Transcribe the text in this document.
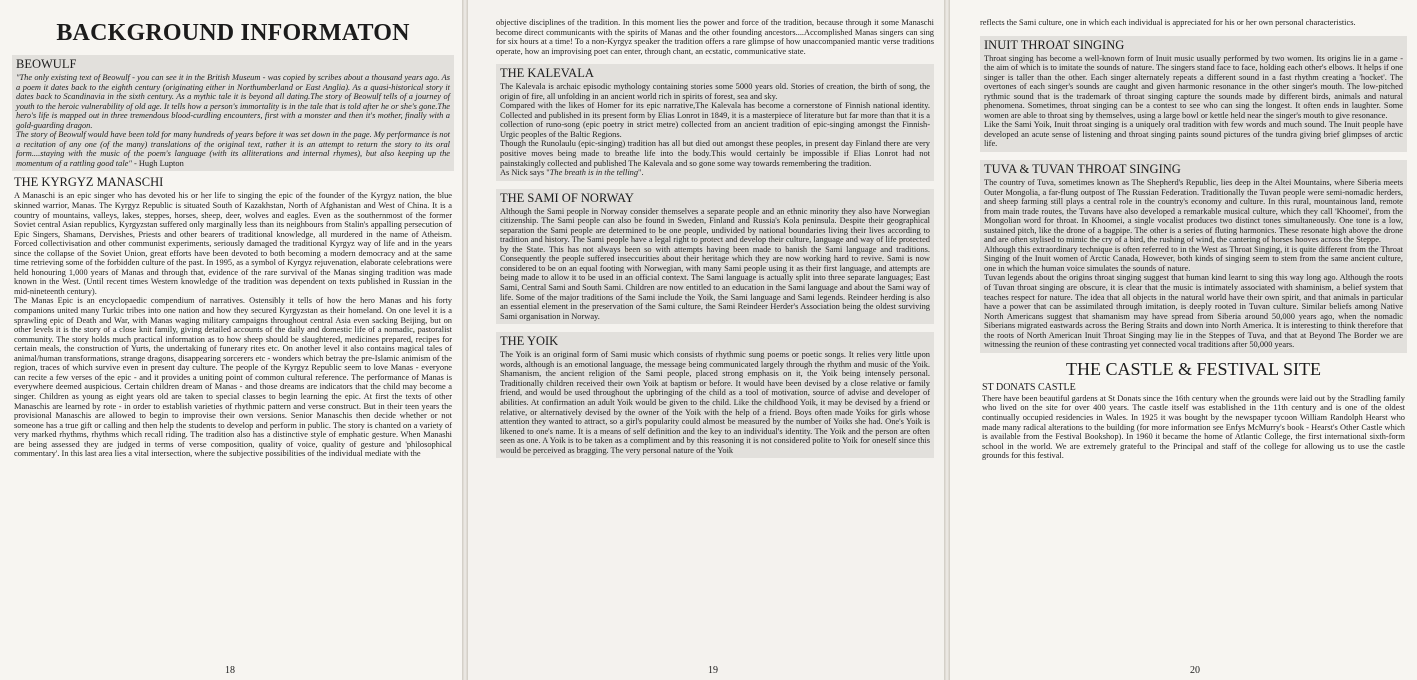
BACKGROUND INFORMATON
BEOWULF

"The only existing text of Beowulf - you can see it in the British Museum - was copied by scribes about a thousand years ago. As a poem it dates back to the eighth century (originating either in Northumberland or East Anglia). As a quasi-historical story it dates back to Scandinavia in the sixth century. As a mythic tale it is beyond all dating.The story of Beowulf tells of a journey of youth to the heroic vulnerability of old age. It tells how a person's immortality is in the tale that is told after he or she's gone.The hero's life is mapped out in three tremendous blood-curdling encounters, first with a monster and then it's mother, finally with a gold-guarding dragon.

The story of Beowulf would have been told for many hundreds of years before it was set down in the page. My performance is not a recitation of any one (of the many) translations of the original text, rather it is an attempt to return the story to its oral form....staying with the music of the poem's language (with its alliterations and internal rhymes), but also keeping up the momentum of a rattling good tale" - Hugh Lupton

THE KYRGYZ MANASCHI

A Manaschi is an epic singer who has devoted his or her life to singing the epic of the founder of the Kyrgyz nation, the blue skinned warrior, Manas. The Kyrgyz Republic is situated South of Kazakhstan, North of Afghanistan and West of China. It is a country of mountains, valleys, lakes, steppes, horses, sheep, deer, wolves and eagles. Even as the southernmost of the former Soviet central Asian republics, Kyrgyzstan suffered only marginally less than its neighbours from Stalin's appalling persecution of Epic Singers, Shamans, Dervishes, Priests and other bearers of traditional knowledge, all murdered in the name of Atheism. Forced collectivisation and other communist experiments, seriously damaged the traditional Kyrgyz way of life and in the years since the collapse of the Soviet Union, great efforts have been devoted to both becoming a modern democracy and at the same time retrieving some of the forbidden culture of the past. In 1995, as a symbol of Kyrgyz rejuvenation, elaborate celebrations were held honouring 1,000 years of Manas and through that, evidence of the rare survival of the Manas singing tradition was made known in the West. (Until recent times Western knowledge of the tradition was dependent on texts published in Russian in the mid-nineteenth century).

The Manas Epic is an encyclopaedic compendium of narratives. Ostensibly it tells of how the hero Manas and his forty companions united many Turkic tribes into one nation and how they secured Kyrgyzstan as their homeland. On one level it is a sprawling epic of Death and War, with Manas waging military campaigns throughout central Asia even sacking Beijing, but on other levels it is the story of a close knit family, giving detailed accounts of the daily and domestic life of a nomadic, pastoralist community. The story holds much practical information as to how sheep should be slaughtered, medicines prepared, recipes for certain meals, the construction of Yurts, the undertaking of funerary rites etc. On another level it also contains magical tales of animal/human transformations, strange dragons, disappearing sorcerers etc - wonders which betray the pre-Islamic animism of the region, traces of which survive even in present day culture. The people of the Kyrgyz Republic seem to love Manas - everyone can recite a few verses of the epic - and it provides a uniting point of common cultural reference. The performance of Manas is everywhere deemed auspicious. Certain children dream of Manas - and those dreams are indicators that the child may become a singer. Children as young as eight years old are taken to special classes to begin learning the epic. At first the texts of other Manaschis are learned by rote - in order to establish varieties of rhythmic pattern and verse construct. But in their teen years the provisional Manaschis are allowed to begin to improvise their own versions. Senior Manaschis then decide whether or not someone has a true gift or calling and then help the students to develop and perform in public. The story is chanted on a variety of very marked rhythms, rhythms which recall riding. The tradition also has a distinctive style of emphatic gesture. When Manashi are being assessed they are judged in terms of verse composition, quality of voice, quality of gesture and 'philosophical commentary'. In this last area lies a vital intersection, where the subjective possibilities of the individual mediate with the

18

objective disciplines of the tradition. In this moment lies the power and force of the tradition, because through it some Manaschi become direct communicants with the spirits of Manas and the other founding ancestors....Accomplished Manas singers can sing for six hours at a time! To a non-Kyrgyz speaker the tradition offers a rare glimpse of how unaccompanied mantic verse traditions operate, how an improvising poet can enter, through chant, an ecstatic, communicative state.

THE KALEVALA

The Kalevala is archaic episodic mythology containing stories some 5000 years old. Stories of creation, the birth of song, the origin of fire, all unfolding in an ancient world rich in spirits of forest, sea and sky.

Compared with the likes of Homer for its epic narrative,The Kalevala has become a cornerstone of Finnish national identity. Collected and published in its present form by Elias Lonrot in 1849, it is a masterpiece of literature but far more than that it is a collection of runo-song (epic poetry in strict metre) collected from an ancient tradition of epic-singing amongst the Finnish-Urgic peoples of the Baltic Regions.

Though the Runolaulu (epic-singing) tradition has all but died out amongst these peoples, in present day Finland there are very positive moves being made to breathe life into the body.This would certainly be impossible if Elias Lonrot had not painstakingly collected and published The Kalevala and so gone some way towards remembering the tradition.

As Nick says "The breath is in the telling".

THE SAMI OF NORWAY

Although the Sami people in Norway consider themselves a separate people and an ethnic minority they also have Norwegian citizenship. The Sami people can also be found in Sweden, Finland and Russia's Kola peninsula. Despite their geographical separation the Sami people are determined to be one people, undivided by national boundaries living their lives according to tradition and history. The Sami people have a legal right to protect and develop their culture, language and way of life protected by the State. This has not always been so with attempts having been made to banish the Sami language and traditions. Consequently the people suffered inseccurities about their heritage which they are now working hard to revive. Sami is now considered to be on an equal footing with Norwegian, with many Sami people using it as their first language, and attempts are being made to allow it to be used in an official context. The Sami language is actually split into three separate languages; East Sami, Central Sami and South Sami. Children are now entitled to an education in the Sami language and about the Sami way of life. Some of the major traditions of the Sami include the Yoik, the Sami language and Sami legends. Reindeer herding is also an essential element in the preservation of the Sami culture, the Sami Reindeer Herder's Association being the oldest surviving Sami organisation in Norway.

THE YOIK

The Yoik is an original form of Sami music which consists of rhythmic sung poems or poetic songs. It relies very little upon words, although is an emotional language, the message being communicated largely through the rhythm and music of the Yoik. Shamanism, the ancient religion of the Sami people, placed strong emphasis on it, the Yoik being intensely personal. Traditionally children received their own Yoik at baptism or before. It would have been devised by a close relative or family friend, and would be used throughout the upbringing of the child as a tool of motivation, source of advise and developer of abilities. At confirmation an adult Yoik would be given to the child. Like the childhood Yoik, it may be devised by a friend or relative, or alternatively devised by the owner of the Yoik with the help of a friend. Boys often made Yoiks for girls whose attention they wanted to attract, so a girl's popularity could almost be measured by the number of Yoiks she had. One's Yoik is likened to one's name. It is a means of self definition and the key to an individual's identity. The Yoik and the person are often seen as one. A Yoik is to be taken as a compliment and by this reasoning it is not considered polite to Yoik for oneself since this would be perceived as bragging. The very personal nature of the Yoik

19

reflects the Sami culture, one in which each individual is appreciated for his or her own personal characteristics.

INUIT THROAT SINGING

Throat singing has become a well-known form of Inuit music usually performed by two women. Its origins lie in a game - the aim of which is to imitate the sounds of nature. The singers stand face to face, holding each other's elbows. It helps if one singer is taller than the other. Each singer alternately repeats a different sound in a fast rhythm creating a 'hocket'. The overtones of each singer's sounds are caught and given harmonic resonance in the other singer's mouth. The low-pitched rythmic sound that is the trademark of throat singing capture the sounds made by different birds, animals and natural phenomena. Sometimes, throat singing can be a contest to see who can sing the longest. It often ends in laughter. Some women are able to throat sing by themselves, using a large bowl or kettle held near the singer's mouth to give resonance.

Like the Sami Yoik, Inuit throat singing is a uniquely oral tradition with few words and much sound. The Inuit people have developed an acute sense of listening and throat singing paints sound pictures of the tundra giving brief glimpses of arctic life.

TUVA & TUVAN THROAT SINGING

The country of Tuva, sometimes known as The Shepherd's Republic, lies deep in the Altei Mountains, where Siberia meets Outer Mongolia, a far-flung outpost of The Russian Federation. Traditionally the Tuvan people were semi-nomadic herders, and sheep farming still plays a central role in the country's economy and culture. In this rural, mountainous land, remote from main trade routes, the Tuvans have also developed a remarkable musical culture, which they call 'Khoomei', from the Mongolian word for throat. In Khoomei, a single vocalist produces two distinct tones simultaneously. One tone is a low, sustained pitch, like the drone of a bagpipe. The other is a series of fluting harmonics. These resonate high above the drone and are often stylised to mimic the cry of a bird, the rushing of wind, the cantering of horses hooves across the Steppe.

Although this extraordinary technique is often referred to in the West as Throat Singing, it is quite different from the Throat Singing of the Inuit women of Arctic Canada, However, both kinds of singing seem to stem from the same ancient culture, one in which the human voice simulates the sounds of nature.

Tuvan legends about the origins throat singing suggest that human kind learnt to sing this way long ago. Although the roots of Tuvan throat singing are obscure, it is clear that the music is intimately associated with shaminism, a belief system that teaches respect for nature. The idea that all objects in the natural world have their own spirit, and that animals in particular have a power that can be assimilated through imitation, is deeply rooted in Tuvan culture. Similar beliefs among Native North Americans suggest that shamanism may have spread from Siberia around 50,000 years ago, when the nomadic Siberians migrated eastwards across the Bering Straits and down into North America. It is interesting to think therefore that the roots of North American Inuit Throat Singing may lie in the Steppes of Tuva, and that at Beyond The Border we are witnessing the reunion of these contrasting yet connected vocal traditions after 50,000 years.

THE CASTLE & FESTIVAL SITE
ST DONATS CASTLE

There have been beautiful gardens at St Donats since the 16th century when the grounds were laid out by the Stradling family who lived on the site for over 400 years. The castle itself was established in the 11th century and is one of the oldest continually occupied residencies in Wales. In 1925 it was bought by the newspaper tycoon William Randolph Hearst who made many radical alterations to the building (for more information see Enfys McMurry's book - Hearst's Other Castle which is available from the Festival Bookshop). In 1960 it became the home of Atlantic College, the first international sixth-form school in the world. We are extremely grateful to the Principal and staff of the college for allowing us to use the castle grounds for this festival.

20
